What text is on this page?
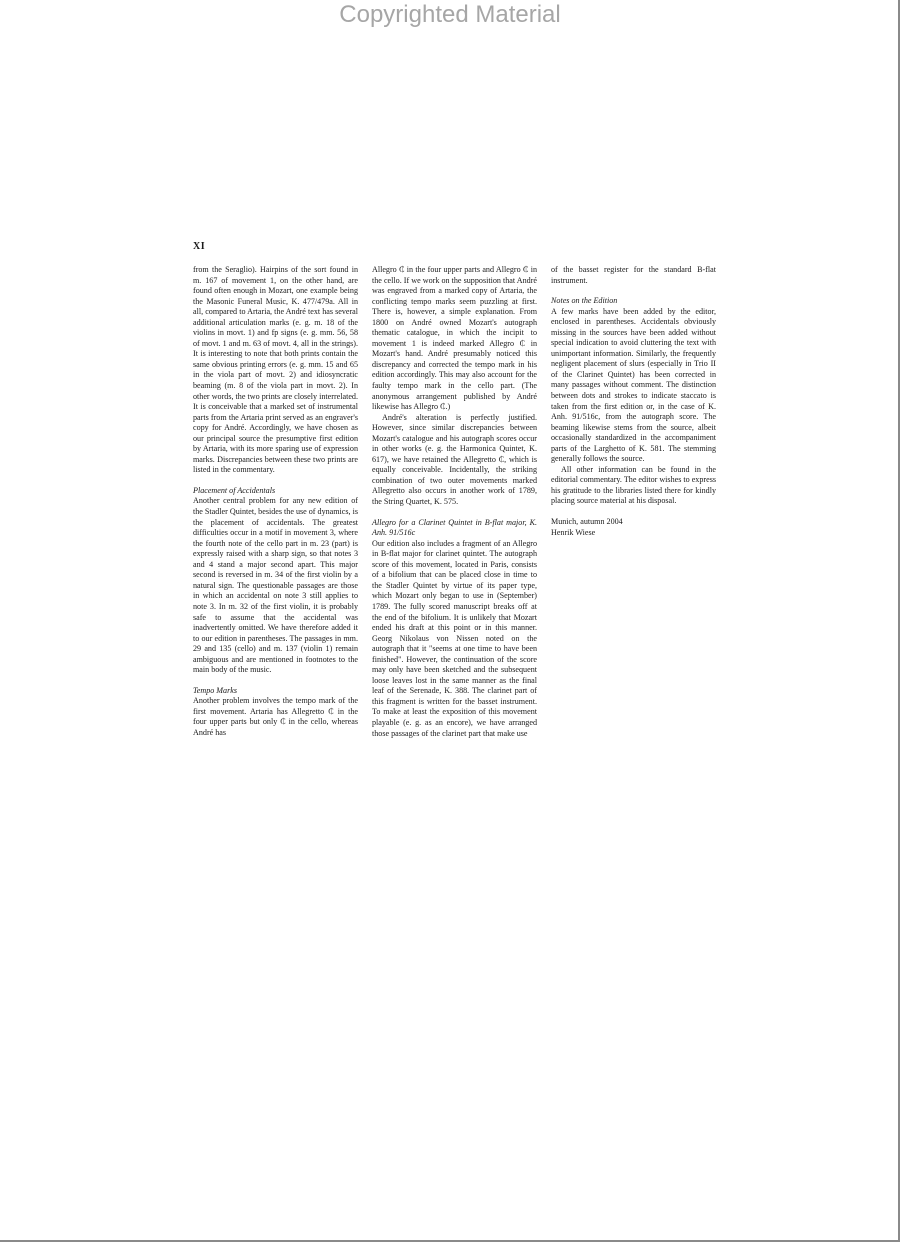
Copyrighted Material
XI

from the Seraglio). Hairpins of the sort found in m. 167 of movement 1, on the other hand, are found often enough in Mozart, one example being the Masonic Funeral Music, K. 477/479a. All in all, compared to Artaria, the André text has several additional articulation marks (e. g. m. 18 of the violins in movt. 1) and fp signs (e. g. mm. 56, 58 of movt. 1 and m. 63 of movt. 4, all in the strings). It is interesting to note that both prints contain the same obvious printing errors (e. g. mm. 15 and 65 in the viola part of movt. 2) and idiosyncratic beaming (m. 8 of the viola part in movt. 2). In other words, the two prints are closely interrelated. It is conceivable that a marked set of instrumental parts from the Artaria print served as an engraver's copy for André. Accordingly, we have chosen as our principal source the presumptive first edition by Artaria, with its more sparing use of expression marks. Discrepancies between these two prints are listed in the commentary.

Placement of Accidentals

Another central problem for any new edition of the Stadler Quintet, besides the use of dynamics, is the placement of accidentals. The greatest difficulties occur in a motif in movement 3, where the fourth note of the cello part in m. 23 (part) is expressly raised with a sharp sign, so that notes 3 and 4 stand a major second apart. This major second is reversed in m. 34 of the first violin by a natural sign. The questionable passages are those in which an accidental on note 3 still applies to note 3. In m. 32 of the first violin, it is probably safe to assume that the accidental was inadvertently omitted. We have therefore added it to our edition in parentheses. The passages in mm. 29 and 135 (cello) and m. 137 (violin 1) remain ambiguous and are mentioned in footnotes to the main body of the music.

Tempo Marks

Another problem involves the tempo mark of the first movement. Artaria has Allegretto ₵ in the four upper parts but only ₵ in the cello, whereas André has

Allegro ₵ in the four upper parts and Allegro ₵ in the cello. If we work on the supposition that André was engraved from a marked copy of Artaria, the conflicting tempo marks seem puzzling at first. There is, however, a simple explanation. From 1800 on André owned Mozart's autograph thematic catalogue, in which the incipit to movement 1 is indeed marked Allegro ₵ in Mozart's hand. André presumably noticed this discrepancy and corrected the tempo mark in his edition accordingly. This may also account for the faulty tempo mark in the cello part. (The anonymous arrangement published by André likewise has Allegro ₵.)

André's alteration is perfectly justified. However, since similar discrepancies between Mozart's catalogue and his autograph scores occur in other works (e. g. the Harmonica Quintet, K. 617), we have retained the Allegretto ₵, which is equally conceivable. Incidentally, the striking combination of two outer movements marked Allegretto also occurs in another work of 1789, the String Quartet, K. 575.

Allegro for a Clarinet Quintet in B-flat major, K. Anh. 91/516c

Our edition also includes a fragment of an Allegro in B-flat major for clarinet quintet. The autograph score of this movement, located in Paris, consists of a bifolium that can be placed close in time to the Stadler Quintet by virtue of its paper type, which Mozart only began to use in (September) 1789. The fully scored manuscript breaks off at the end of the bifolium. It is unlikely that Mozart ended his draft at this point or in this manner. Georg Nikolaus von Nissen noted on the autograph that it "seems at one time to have been finished". However, the continuation of the score may only have been sketched and the subsequent loose leaves lost in the same manner as the final leaf of the Serenade, K. 388. The clarinet part of this fragment is written for the basset instrument. To make at least the exposition of this movement playable (e. g. as an encore), we have arranged those passages of the clarinet part that make use

of the basset register for the standard B-flat instrument.

Notes on the Edition

A few marks have been added by the editor, enclosed in parentheses. Accidentals obviously missing in the sources have been added without special indication to avoid cluttering the text with unimportant information. Similarly, the frequently negligent placement of slurs (especially in Trio II of the Clarinet Quintet) has been corrected in many passages without comment. The distinction between dots and strokes to indicate staccato is taken from the first edition or, in the case of K. Anh. 91/516c, from the autograph score. The beaming likewise stems from the source, albeit occasionally standardized in the accompaniment parts of the Larghetto of K. 581. The stemming generally follows the source.

All other information can be found in the editorial commentary. The editor wishes to express his gratitude to the libraries listed there for kindly placing source material at his disposal.

Munich, autumn 2004

Henrik Wiese
